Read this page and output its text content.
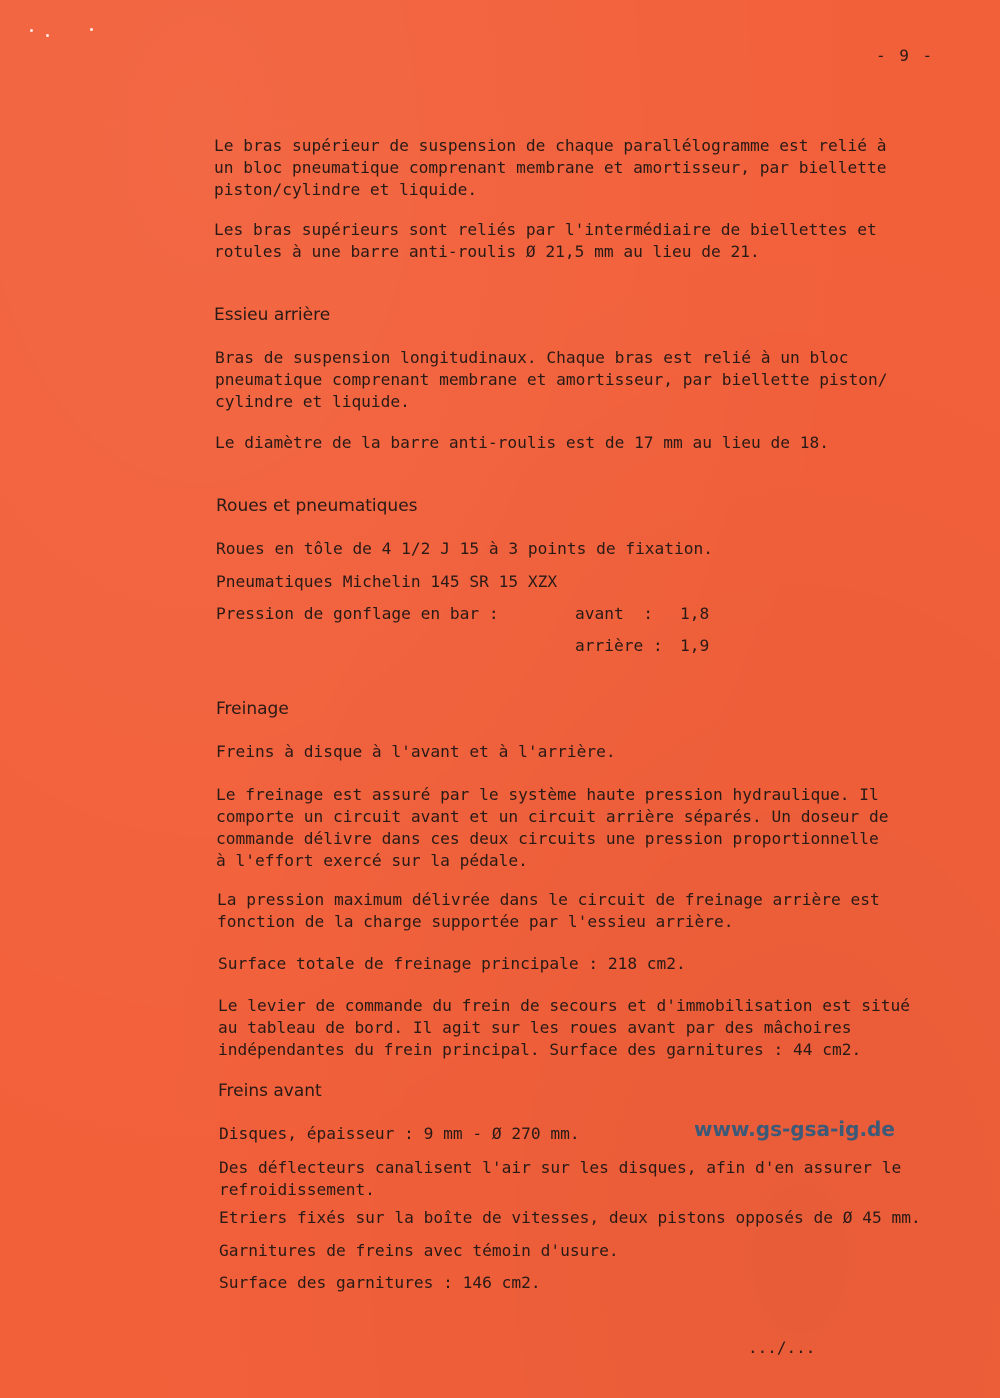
- 9 -
Le bras supérieur de suspension de chaque parallélogramme est relié à
un bloc pneumatique comprenant membrane et amortisseur, par biellette
piston/cylindre et liquide.
Les bras supérieurs sont reliés par l'intermédiaire de biellettes et
rotules à une barre anti-roulis Ø 21,5 mm au lieu de 21.
Essieu arrière
Bras de suspension longitudinaux. Chaque bras est relié à un bloc
pneumatique comprenant membrane et amortisseur, par biellette piston/
cylindre et liquide.
Le diamètre de la barre anti-roulis est de 17 mm au lieu de 18.
Roues et pneumatiques
Roues en tôle de 4 1/2 J 15 à 3 points de fixation.
Pneumatiques Michelin 145 SR 15 XZX
Pression de gonflage en bar :	avant  : 1,8
arrière : 1,9
Freinage
Freins à disque à l'avant et à l'arrière.
Le freinage est assuré par le système haute pression hydraulique. Il
comporte un circuit avant et un circuit arrière séparés. Un doseur de
commande délivre dans ces deux circuits une pression proportionnelle
à l'effort exercé sur la pédale.
La pression maximum délivrée dans le circuit de freinage arrière est
fonction de la charge supportée par l'essieu arrière.
Surface totale de freinage principale : 218 cm2.
Le levier de commande du frein de secours et d'immobilisation est situé
au tableau de bord. Il agit sur les roues avant par des mâchoires
indépendantes du frein principal. Surface des garnitures : 44 cm2.
Freins avant
Disques, épaisseur : 9 mm - Ø 270 mm.
Des déflecteurs canalisent l'air sur les disques, afin d'en assurer le
refroidissement.
Etriers fixés sur la boîte de vitesses, deux pistons opposés de Ø 45 mm.
Garnitures de freins avec témoin d'usure.
Surface des garnitures : 146 cm2.
www.gs-gsa-ig.de
.../...
